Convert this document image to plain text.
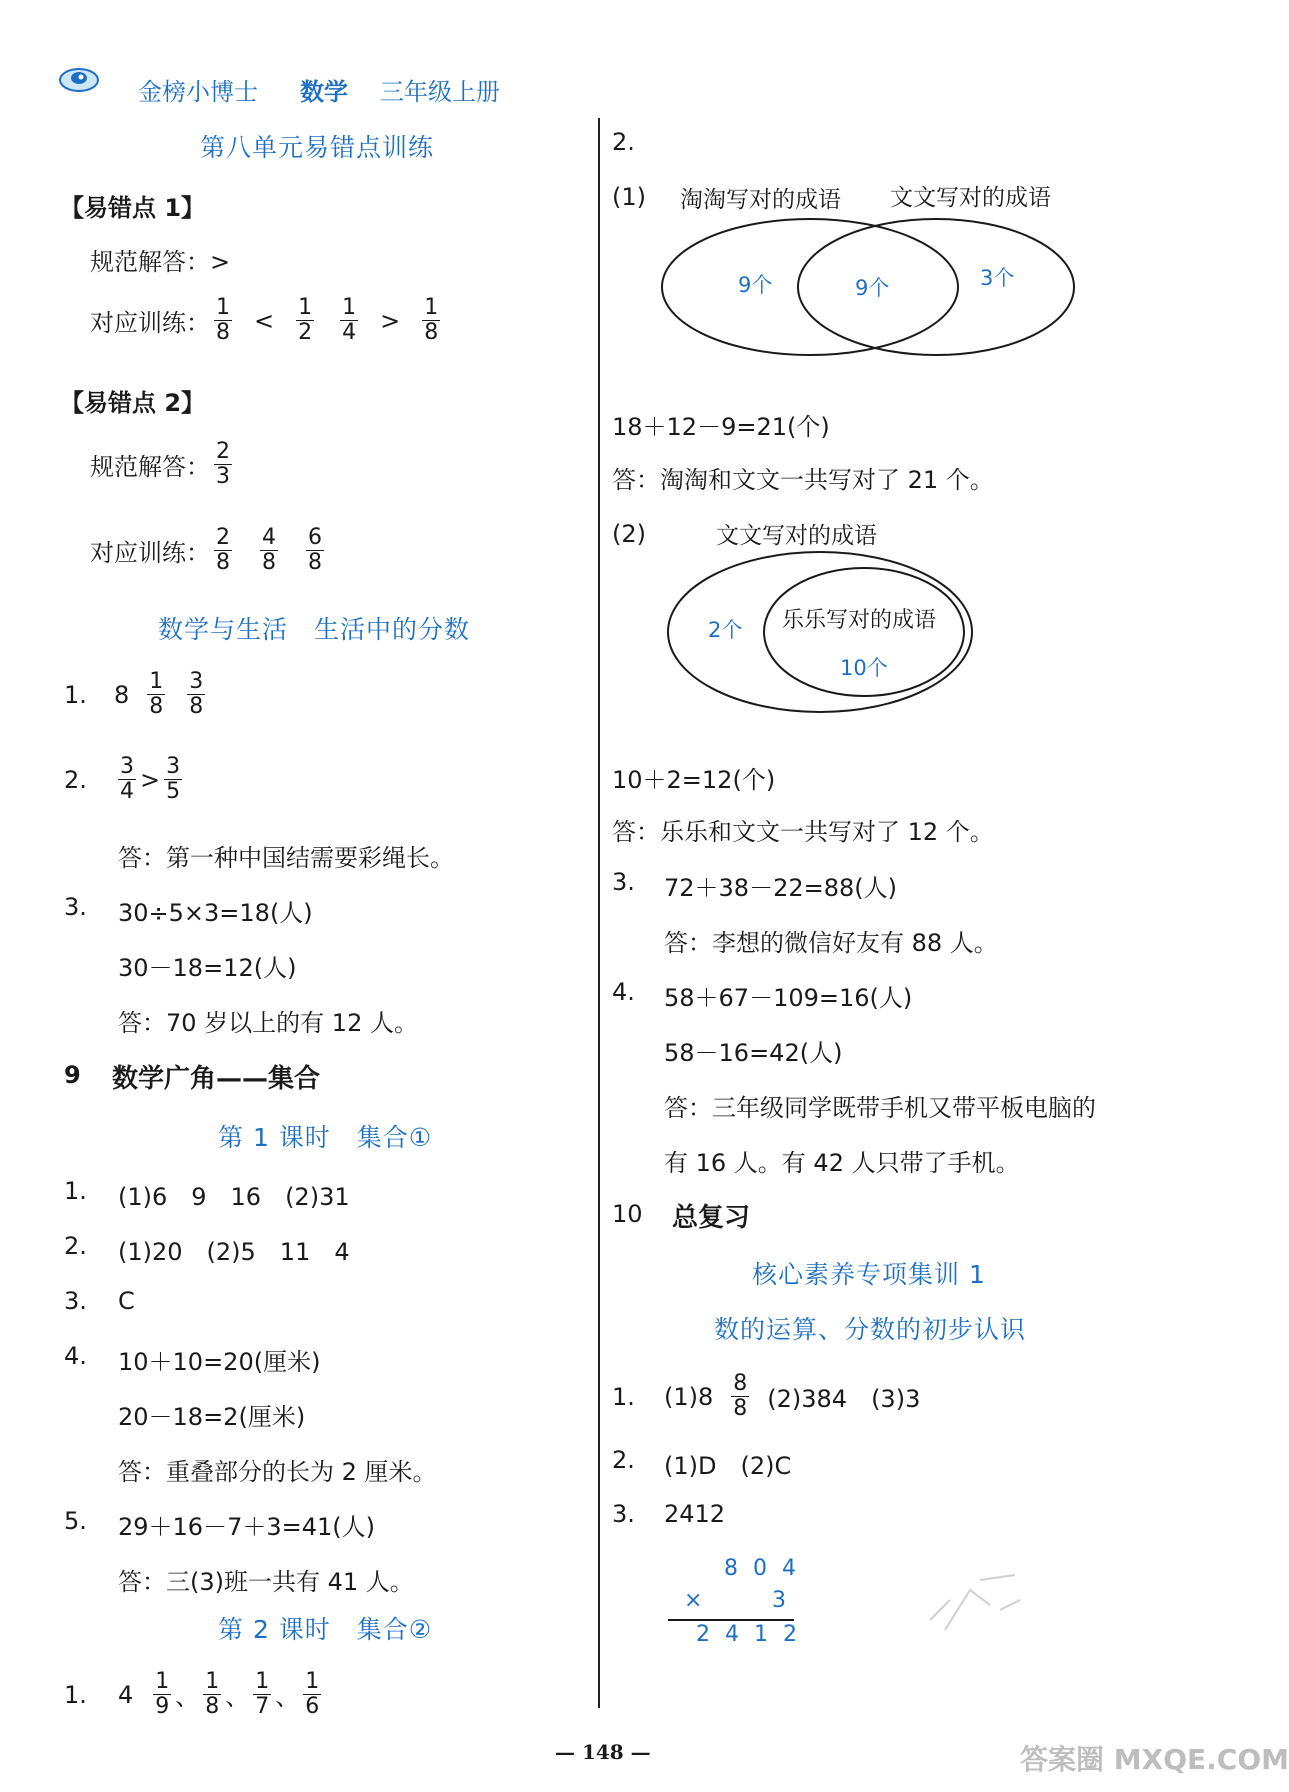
金榜小博士 数学 三年级上册
第八单元易错点训练
【易错点 1】
规范解答：>
对应训练： $\frac{1}{8} < \frac{1}{2} \frac{1}{4} > \frac{1}{8}$
【易错点 2】
规范解答： $\frac{2}{3}$
对应训练： $\frac{2}{8} \frac{4}{8} \frac{6}{8}$
数学与生活　生活中的分数
1.	$8 \frac{1}{8} \frac{3}{8}$
2.	$\frac{3}{4} > \frac{3}{5}$
答：第一种中国结需要彩绳长。
3. 30÷5×3=18(人)
30－18=12(人)
答：70 岁以上的有 12 人。
9 数学广角——集合
第 1 课时　集合①
1. (1)6　9　16　(2)31
2. (1)20　(2)5　11　4
3. C
4. 10＋10=20(厘米)
20－18=2(厘米)
答：重叠部分的长为 2 厘米。
5. 29＋16－7＋3=41(人)
答：三(3)班一共有 41 人。
第 2 课时　集合②
1.	$4 \frac{1}{9}$ 、 $\frac{1}{8}$ 、 $\frac{1}{7}$ 、 $\frac{1}{6}$
2.
(1) 淘淘写对的成语 文文写对的成语
9个	9个	3个
18＋12－9=21(个)
答：淘淘和文文一共写对了 21 个。
(2)	文文写对的成语
2个 乐乐写对的成语
10个
10＋2=12(个)
答：乐乐和文文一共写对了 12 个。
3. 72＋38－22=88(人)
答：李想的微信好友有 88 人。
4. 58＋67－109=16(人)
58－16=42(人)
答：三年级同学既带手机又带平板电脑的
有 16 人。有 42 人只带了手机。
10 总复习
核心素养专项集训 1
数的运算、分数的初步认识
1.	$(1)8 \frac{8}{8} (2)384$　(3)3
2. (1)D　(2)C
3. 2412
8 0 4
×	3
2 4 1 2
— 148 —	答案圈 MXQE.COM
